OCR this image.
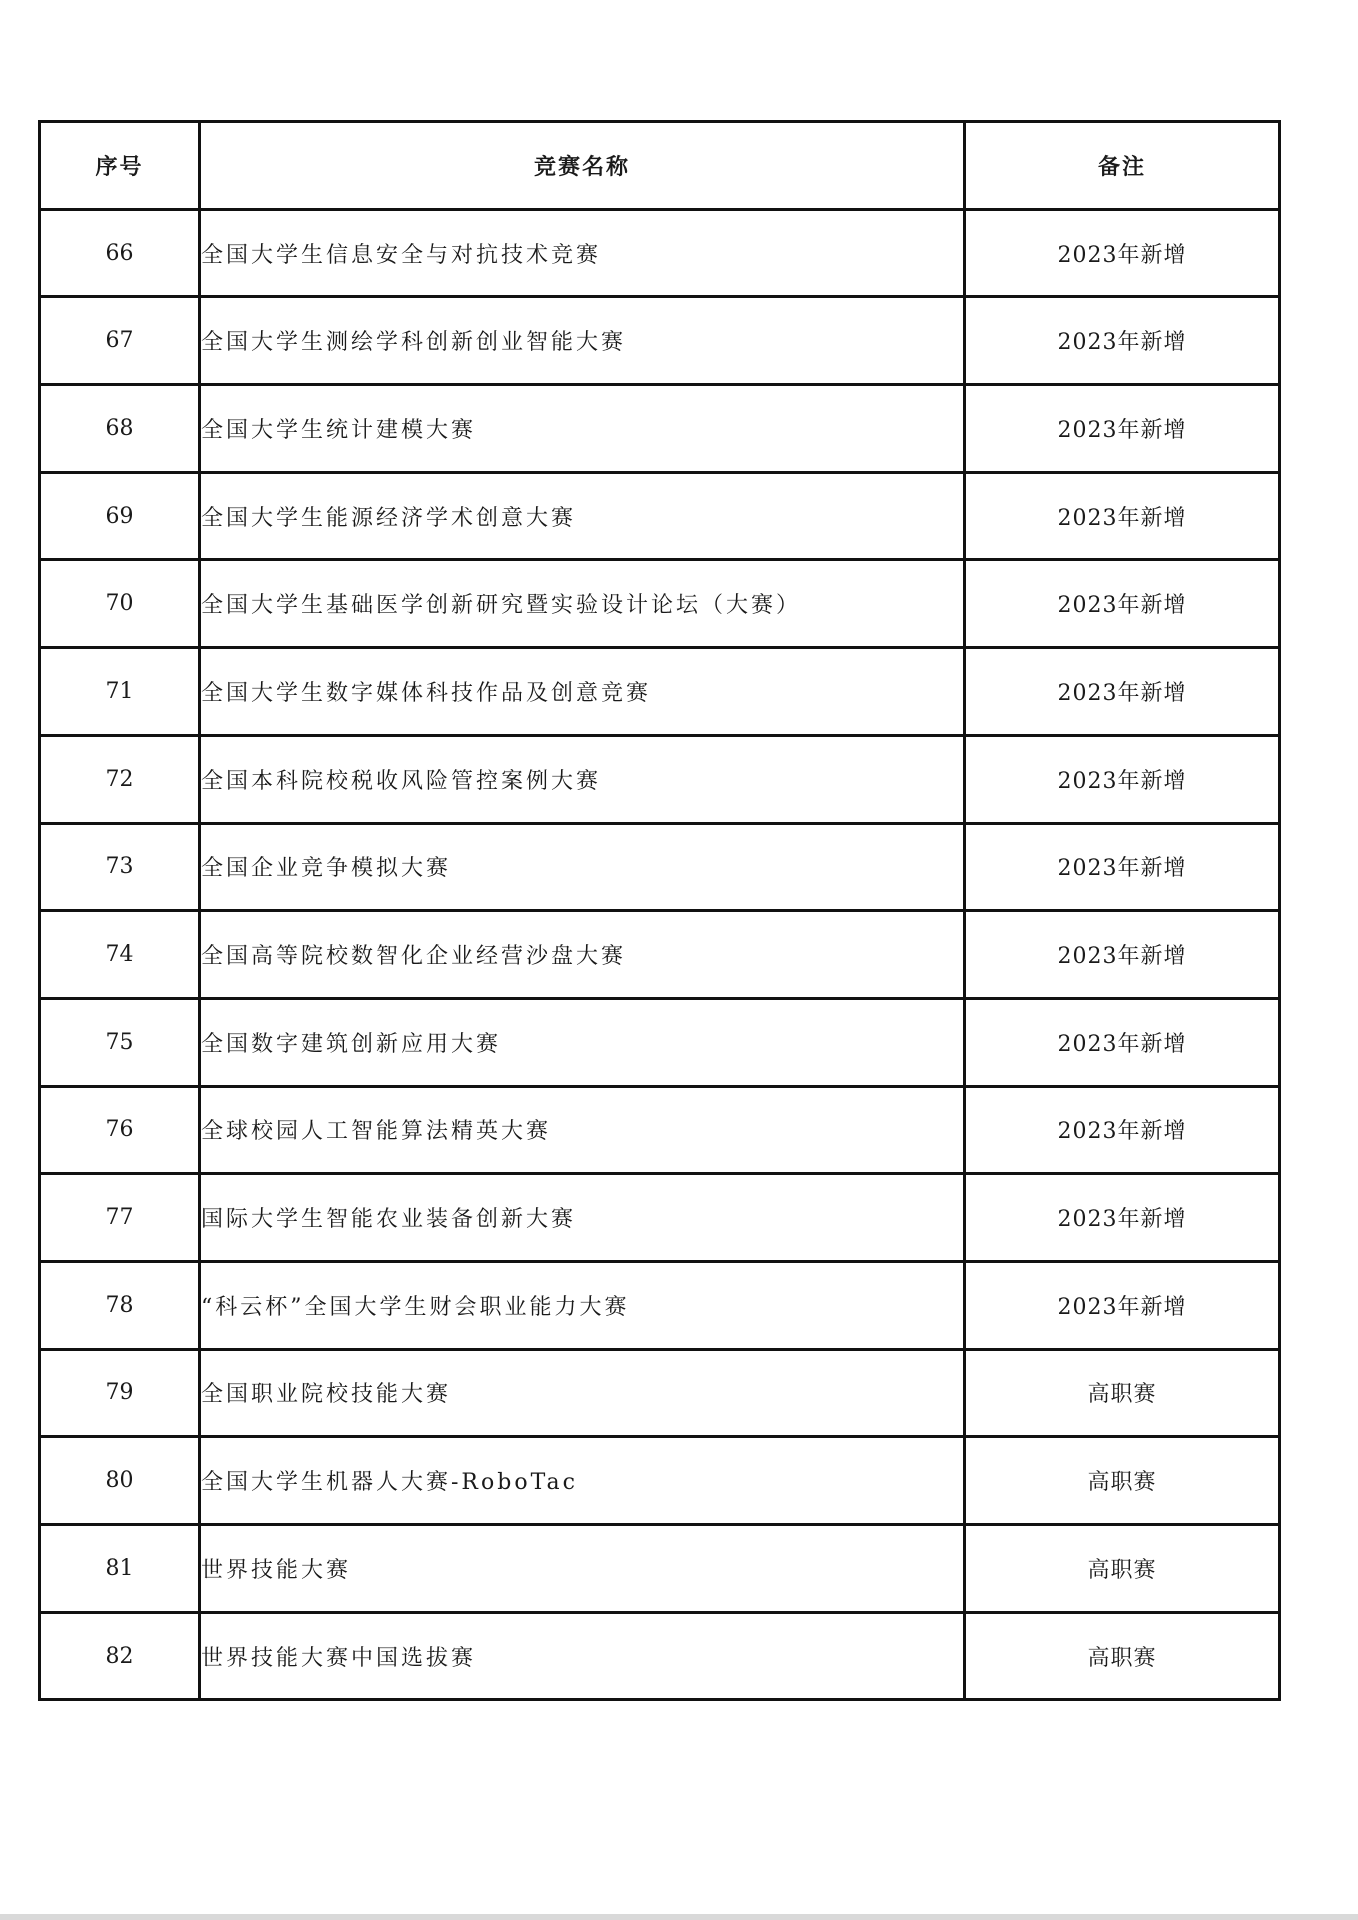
序号	竞赛名称	备注
66	全国大学生信息安全与对抗技术竞赛	2023年新增
67	全国大学生测绘学科创新创业智能大赛	2023年新增
68	全国大学生统计建模大赛	2023年新增
69	全国大学生能源经济学术创意大赛	2023年新增
70	全国大学生基础医学创新研究暨实验设计论坛（大赛）	2023年新增
71	全国大学生数字媒体科技作品及创意竞赛	2023年新增
72	全国本科院校税收风险管控案例大赛	2023年新增
73	全国企业竞争模拟大赛	2023年新增
74	全国高等院校数智化企业经营沙盘大赛	2023年新增
75	全国数字建筑创新应用大赛	2023年新增
76	全球校园人工智能算法精英大赛	2023年新增
77	国际大学生智能农业装备创新大赛	2023年新增
78	“科云杯”全国大学生财会职业能力大赛	2023年新增
79	全国职业院校技能大赛	高职赛
80	全国大学生机器人大赛-RoboTac	高职赛
81	世界技能大赛	高职赛
82	世界技能大赛中国选拔赛	高职赛
